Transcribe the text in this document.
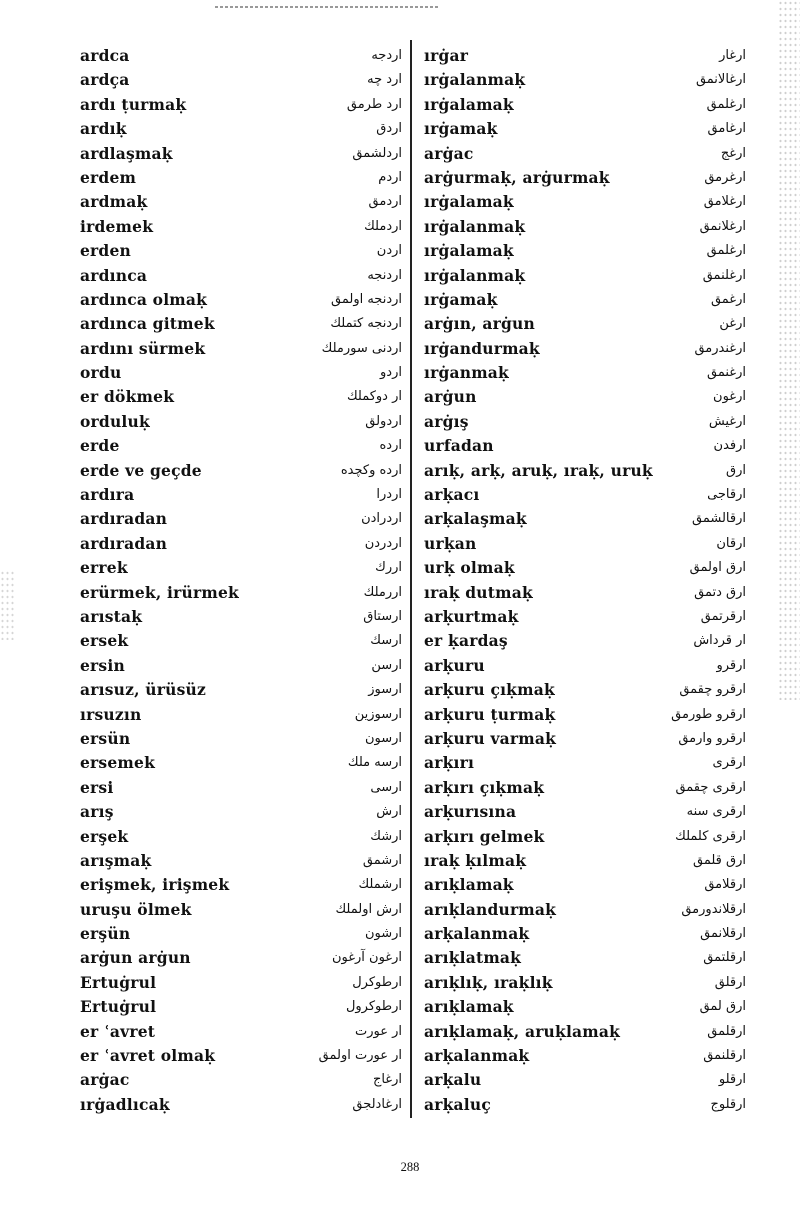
ardca	اردجه
ardça	ارد چه
ardı ṭurmaḳ	ارد طرمق
ardıḳ	اردق
ardlaşmaḳ	اردلشمق
erdem	اردم
ardmaḳ	اردمق
irdemek	اردملك
erden	اردن
ardınca	اردنجه
ardınca olmaḳ	اردنجه اولمق
ardınca gitmek	اردنجه كتملك
ardını sürmek	اردنى سورملك
ordu	اردو
er dökmek	ار دوكملك
orduluḳ	اردولق
erde	ارده
erde ve geçde	ارده وكچده
ardıra	اردرا
ardıradan	اردرادن
ardıradan	اردردن
errek	اررك
erürmek, irürmek	اررملك
arıstaḳ	ارستاق
ersek	ارسك
ersin	ارسن
arısuz, ürüsüz	ارسوز
ırsuzın	ارسوزين
ersün	ارسون
ersemek	ارسه ملك
ersi	ارسى
arış	ارش
erşek	ارشك
arışmaḳ	ارشمق
erişmek, irişmek	ارشملك
uruşu ölmek	ارش اولملك
erşün	ارشون
arġun arġun	ارغون آرغون
Ertuġrul	ارطوكرل
Ertuġrul	ارطوكرول
er ʿavret	ار عورت
er ʿavret olmaḳ	ار عورت اولمق
arġac	ارغاج
ırġadlıcaḳ	ارغادلجق
ırġar	ارغار
ırġalanmaḳ	ارغالانمق
ırġalamaḳ	ارغلمق
ırġamaḳ	ارغامق
arġac	ارغج
arġurmaḳ, arġurmaḳ	ارغرمق
ırġalamaḳ	ارغلامق
ırġalanmaḳ	ارغلانمق
ırġalamaḳ	ارغلمق
ırġalanmaḳ	ارغلنمق
ırġamaḳ	ارغمق
arġın, arġun	ارغن
ırġandurmaḳ	ارغندرمق
ırġanmaḳ	ارغنمق
arġun	ارغون
arġış	ارغيش
urfadan	ارفدن
arıḳ, arḳ, aruḳ, ıraḳ, uruḳ	ارق
arḳacı	ارقاجى
arḳalaşmaḳ	ارقالشمق
urḳan	ارقان
urḳ olmaḳ	ارق اولمق
ıraḳ dutmaḳ	ارق دتمق
arḳurtmaḳ	ارقرتمق
er ḳardaş	ار قرداش
arḳuru	ارقرو
arḳuru çıḳmaḳ	ارقرو چقمق
arḳuru ṭurmaḳ	ارقرو طورمق
arḳuru varmaḳ	ارقرو وارمق
arḳırı	ارقرى
arḳırı çıḳmaḳ	ارقرى چقمق
arḳurısına	ارقرى سنه
arḳırı gelmek	ارقرى كلملك
ıraḳ ḳılmaḳ	ارق قلمق
arıḳlamaḳ	ارقلامق
arıḳlandurmaḳ	ارقلاندورمق
arḳalanmaḳ	ارقلانمق
arıḳlatmaḳ	ارقلتمق
arıḳlıḳ, ıraḳlıḳ	ارقلق
arıḳlamaḳ	ارق لمق
arıḳlamaḳ, aruḳlamaḳ	ارقلمق
arḳalanmaḳ	ارقلنمق
arḳalu	ارقلو
arḳaluç	ارقلوج
288
